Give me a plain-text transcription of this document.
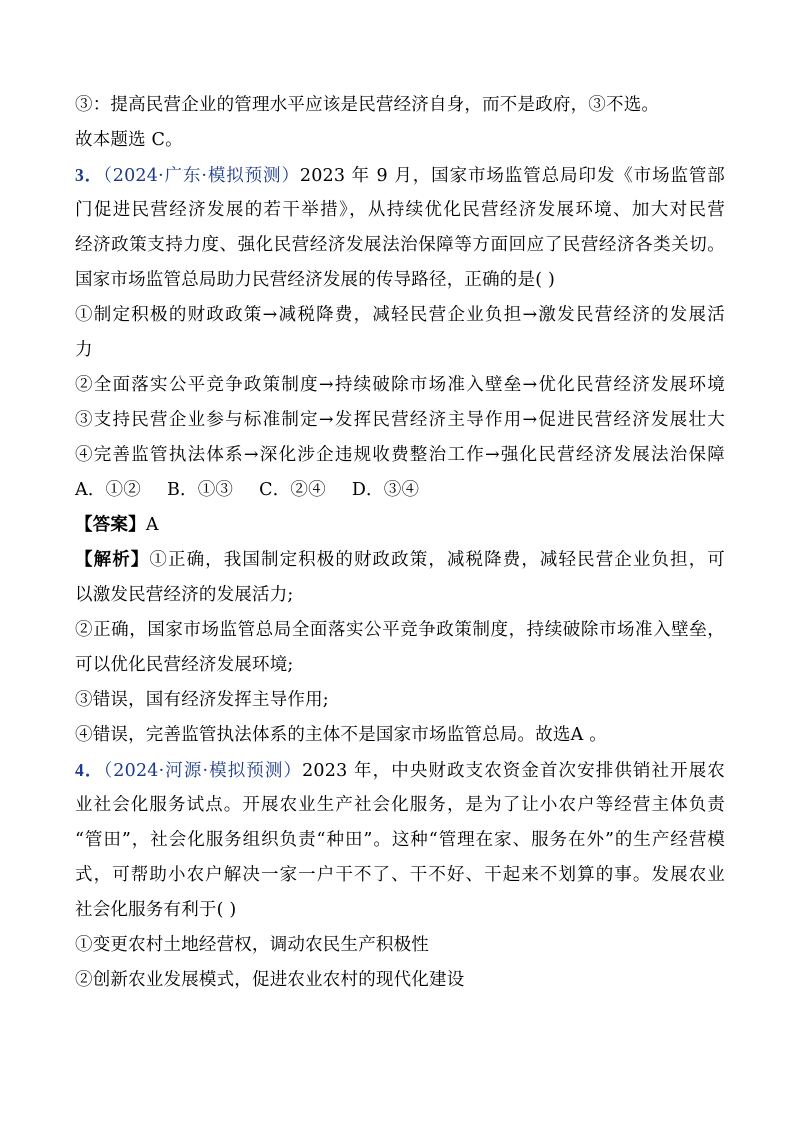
③：提高民营企业的管理水平应该是民营经济自身，而不是政府，③不选。
故本题选 C。
3．（2024·广东·模拟预测）2023 年 9 月，国家市场监管总局印发《市场监管部
门促进民营经济发展的若干举措》，从持续优化民营经济发展环境、加大对民营
经济政策支持力度、强化民营经济发展法治保障等方面回应了民营经济各类关切。
国家市场监管总局助力民营经济发展的传导路径，正确的是( )
①制定积极的财政政策→减税降费，减轻民营企业负担→激发民营经济的发展活
力
②全面落实公平竞争政策制度→持续破除市场准入壁垒→优化民营经济发展环境
③支持民营企业参与标准制定→发挥民营经济主导作用→促进民营经济发展壮大
④完善监管执法体系→深化涉企违规收费整治工作→强化民营经济发展法治保障
A．①② B．①③ C．②④ D．③④
【答案】A
【解析】①正确，我国制定积极的财政政策，减税降费，减轻民营企业负担，可
以激发民营经济的发展活力;
②正确，国家市场监管总局全面落实公平竞争政策制度，持续破除市场准入壁垒，
可以优化民营经济发展环境;
③错误，国有经济发挥主导作用;
④错误，完善监管执法体系的主体不是国家市场监管总局。故选A 。
4．（2024·河源·模拟预测）2023 年，中央财政支农资金首次安排供销社开展农
业社会化服务试点。开展农业生产社会化服务，是为了让小农户等经营主体负责
“管田”，社会化服务组织负责“种田”。这种“管理在家、服务在外”的生产经营模
式，可帮助小农户解决一家一户干不了、干不好、干起来不划算的事。发展农业
社会化服务有利于( )
①变更农村土地经营权，调动农民生产积极性
②创新农业发展模式，促进农业农村的现代化建设
